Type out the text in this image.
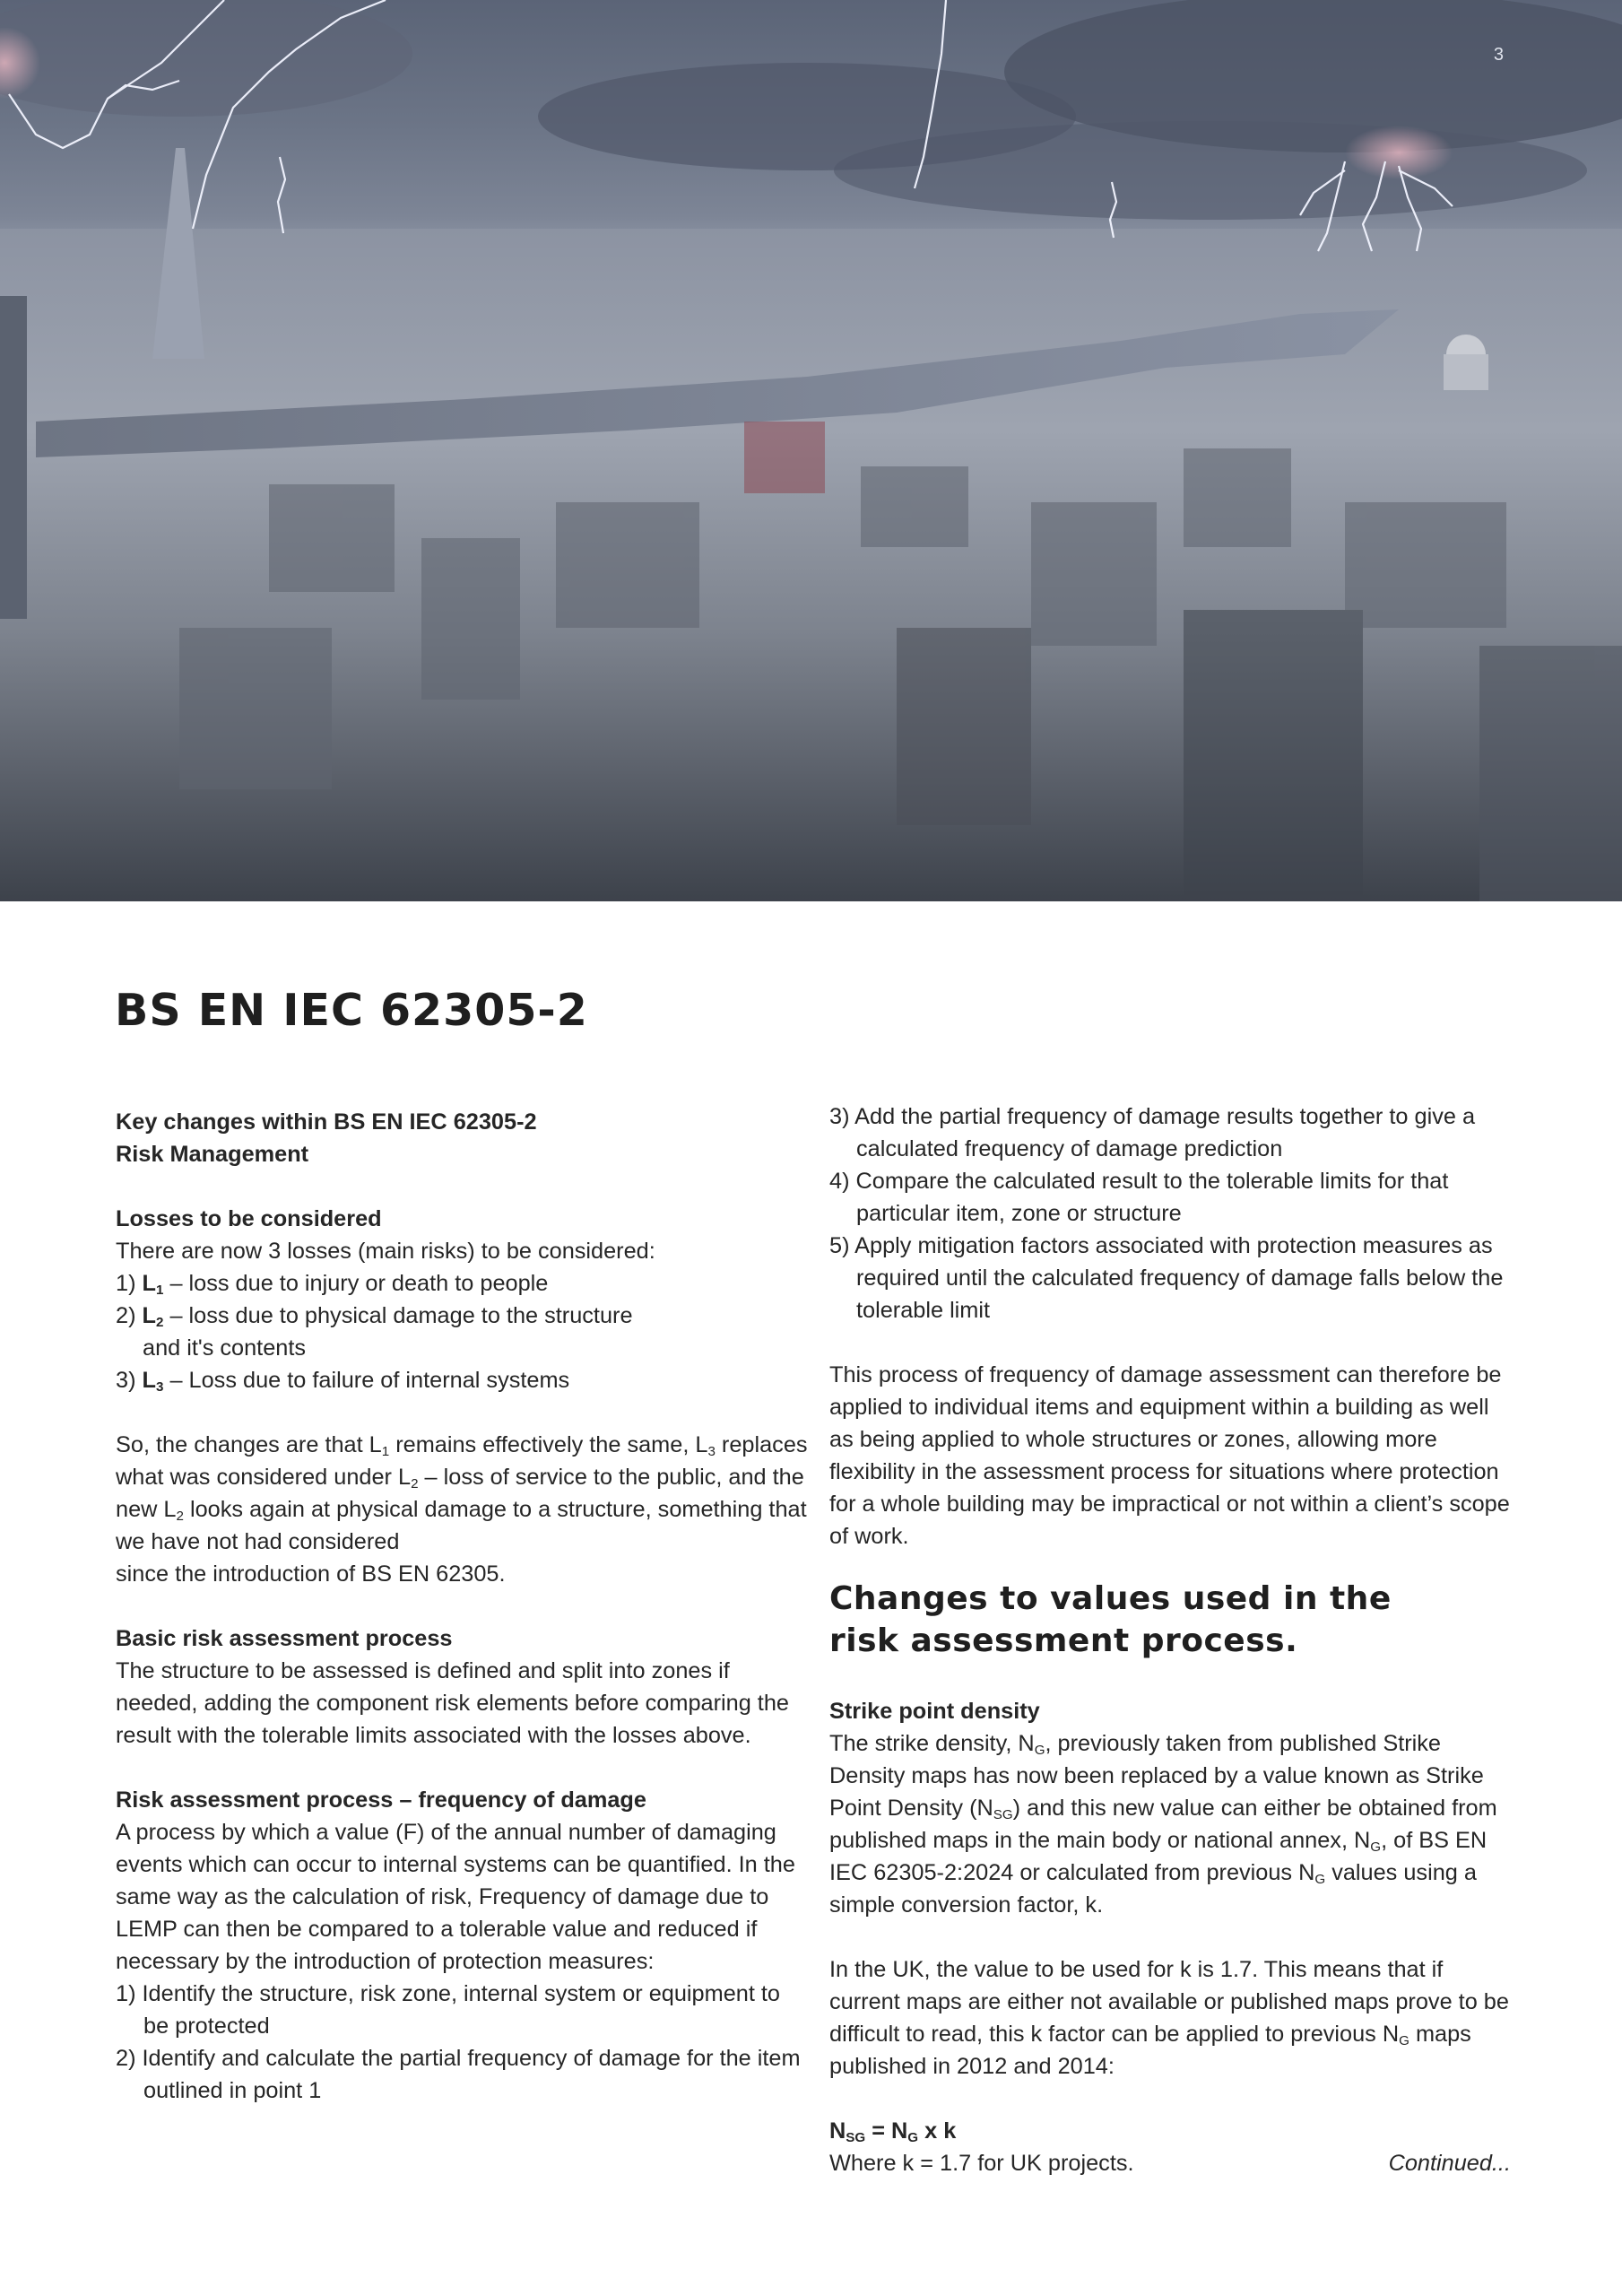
3
BS EN IEC 62305-2

Key changes within BS EN IEC 62305-2

Risk Management

Losses to be considered

There are now 3 losses (main risks) to be considered:

1) $L_1$ – loss due to injury or death to people

2) $L_2$ – loss due to physical damage to the structure

and it's contents

3) $L_3$ – Loss due to failure of internal systems

So, the changes are that $L_1$ remains effectively the same, $L_3$ replaces what was considered under $L_2$ – loss of service to the public, and the new $L_2$ looks again at physical damage to a structure, something that we have not had considered

since the introduction of BS EN 62305.

Basic risk assessment process

The structure to be assessed is defined and split into zones if needed, adding the component risk elements before comparing the result with the tolerable limits associated with the losses above.

Risk assessment process – frequency of damage

A process by which a value (F) of the annual number of damaging events which can occur to internal systems can be quantified. In the same way as the calculation of risk, Frequency of damage due to LEMP can then be compared to a tolerable value and reduced if necessary by the introduction of protection measures:

1) Identify the structure, risk zone, internal system or equipment to be protected

2) Identify and calculate the partial frequency of damage for the item outlined in point 1

3) Add the partial frequency of damage results together to give a calculated frequency of damage prediction

4) Compare the calculated result to the tolerable limits for that particular item, zone or structure

5) Apply mitigation factors associated with protection measures as required until the calculated frequency of damage falls below the tolerable limit

This process of frequency of damage assessment can therefore be applied to individual items and equipment within a building as well as being applied to whole structures or zones, allowing more flexibility in the assessment process for situations where protection for a whole building may be impractical or not within a client’s scope of work.

Changes to values used in the
risk assessment process.

Strike point density

The strike density, $N_G$, previously taken from published Strike Density maps has now been replaced by a value known as Strike Point Density $(N_{SG})$ and this new value can either be obtained from published maps in the main body or national annex, $N_G$, of BS EN IEC 62305-2:2024 or calculated from previous $N_G$ values using a simple conversion factor, k.

In the UK, the value to be used for k is 1.7. This means that if current maps are either not available or published maps prove to be difficult to read, this k factor can be applied to previous $N_G$ maps published in 2012 and 2014:

$N_{SG} = N_G$ x k

Where k = 1.7 for UK projects.	Continued...
